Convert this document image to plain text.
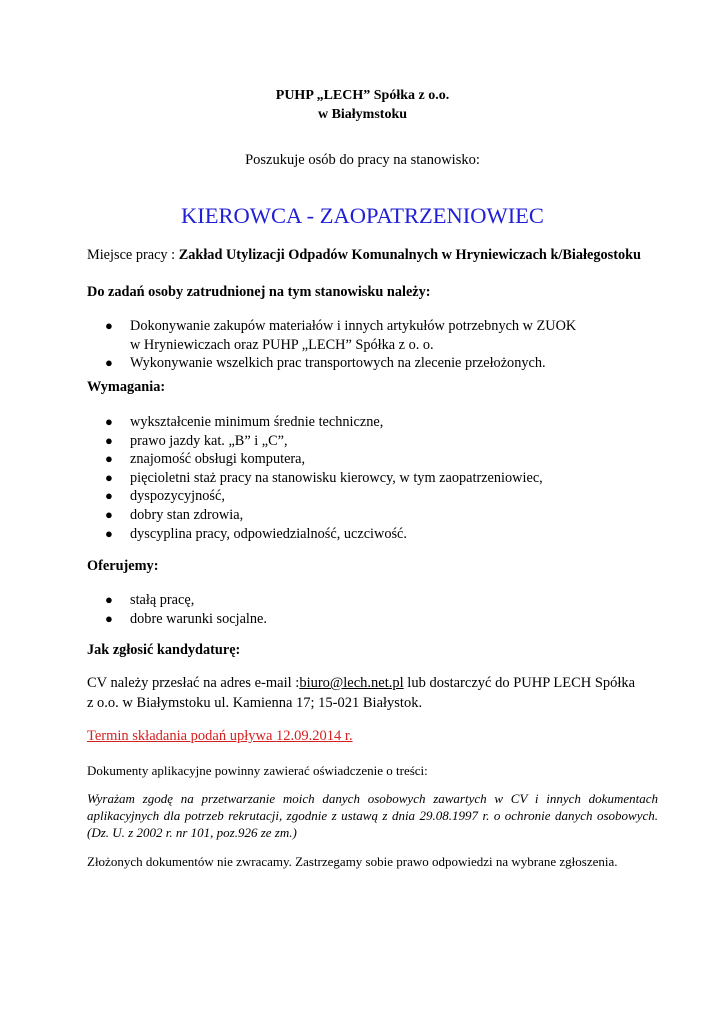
PUHP „LECH” Spółka z o.o.
w Białymstoku
Poszukuje osób do pracy na stanowisko:
KIEROWCA - ZAOPATRZENIOWIEC
Miejsce pracy : Zakład Utylizacji Odpadów Komunalnych w Hryniewiczach k/Białegostoku
Do zadań osoby zatrudnionej na tym stanowisku należy:
● Dokonywanie zakupów materiałów i innych artykułów potrzebnych w ZUOK
w Hryniewiczach oraz PUHP „LECH” Spółka z o. o.
● Wykonywanie wszelkich prac transportowych na zlecenie przełożonych.
Wymagania:
● wykształcenie minimum średnie techniczne,
● prawo jazdy kat. „B” i „C”,
● znajomość obsługi komputera,
● pięcioletni staż pracy na stanowisku kierowcy, w tym zaopatrzeniowiec,
● dyspozycyjność,
● dobry stan zdrowia,
● dyscyplina pracy, odpowiedzialność, uczciwość.
Oferujemy:
● stałą pracę,
● dobre warunki socjalne.
Jak zgłosić kandydaturę:
CV należy przesłać na adres e-mail :biuro@lech.net.pl lub dostarczyć do PUHP LECH Spółka
z o.o. w Białymstoku ul. Kamienna 17; 15-021 Białystok.
Termin składania podań upływa 12.09.2014 r.
Dokumenty aplikacyjne powinny zawierać oświadczenie o treści:
Wyrażam zgodę na przetwarzanie moich danych osobowych zawartych w CV i innych dokumentach aplikacyjnych dla potrzeb rekrutacji, zgodnie z ustawą z dnia 29.08.1997 r. o ochronie danych osobowych. (Dz. U. z 2002 r. nr 101, poz.926 ze zm.)
Złożonych dokumentów nie zwracamy. Zastrzegamy sobie prawo odpowiedzi na wybrane zgłoszenia.
